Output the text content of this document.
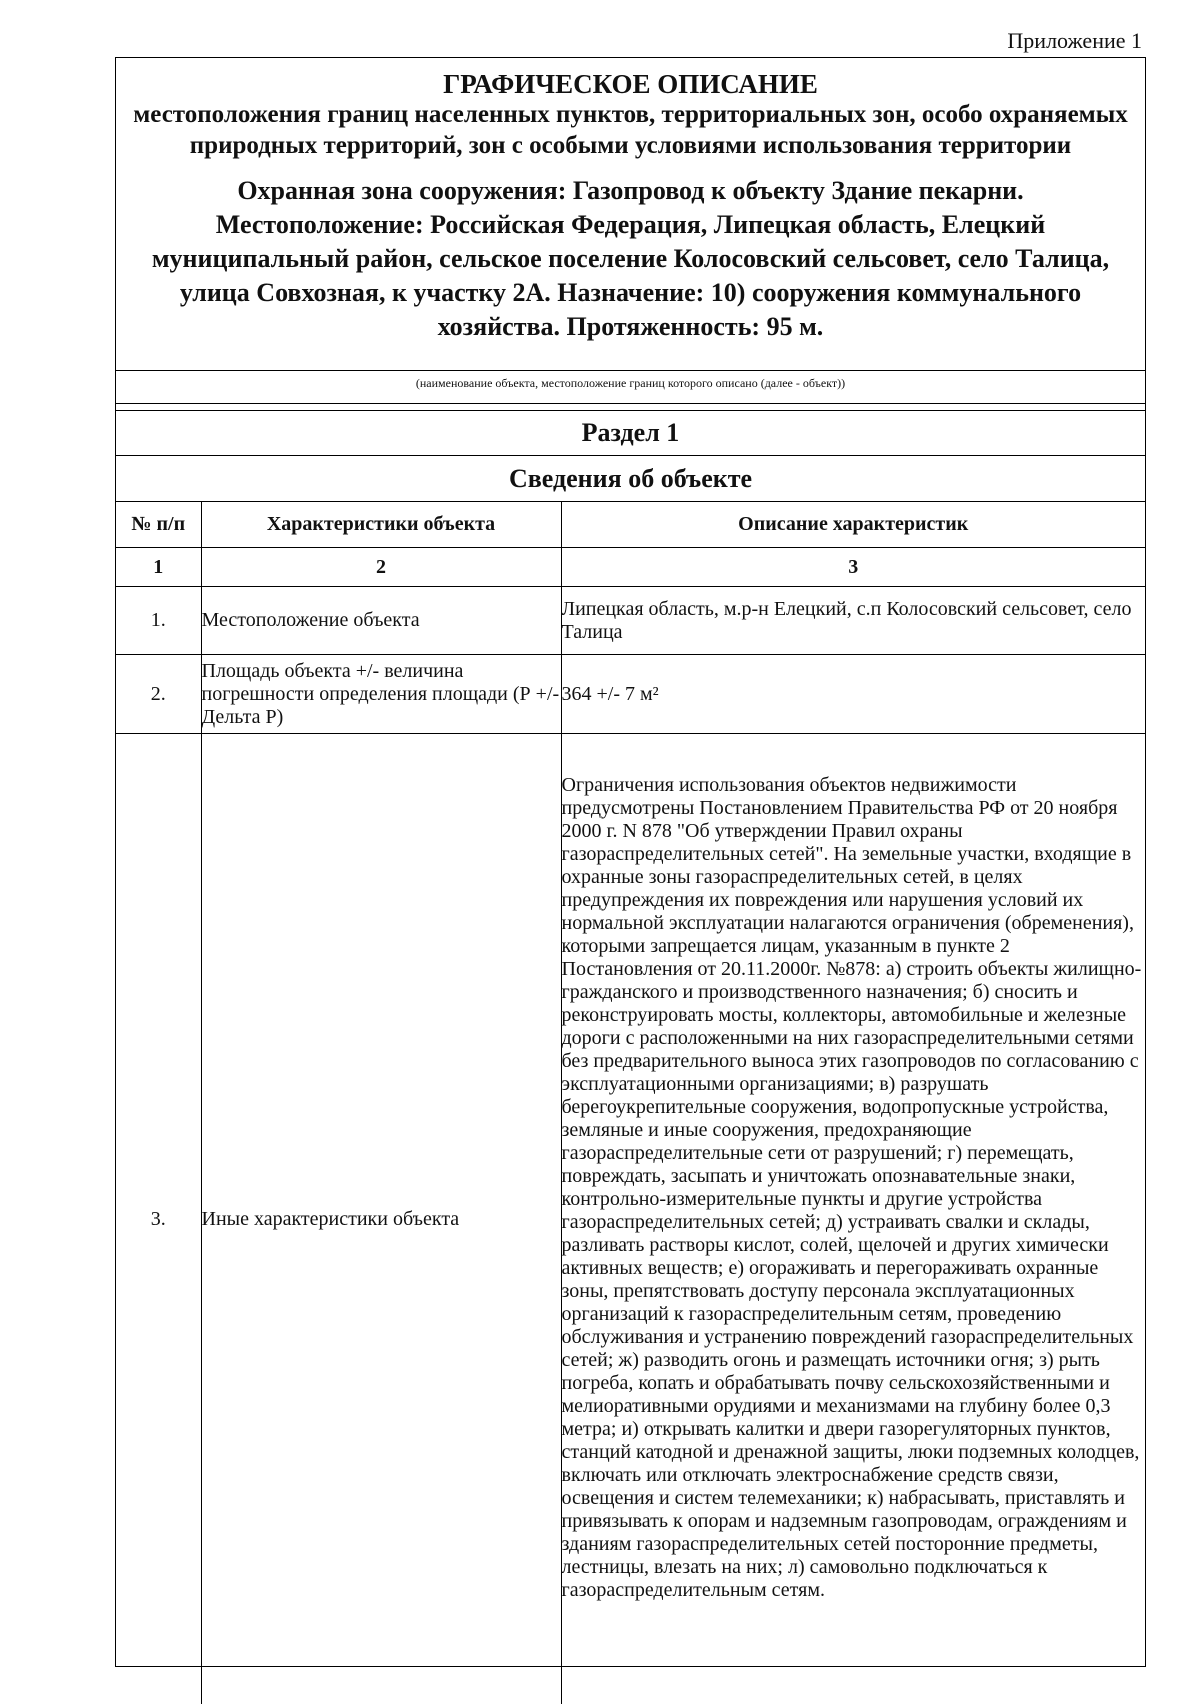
Приложение 1
ГРАФИЧЕСКОЕ ОПИСАНИЕ
местоположения границ населенных пунктов, территориальных зон, особо охраняемых природных территорий, зон с особыми условиями использования территории
Охранная зона сооружения: Газопровод к объекту Здание пекарни. Местоположение: Российская Федерация, Липецкая область, Елецкий муниципальный район, сельское поселение Колосовский сельсовет, село Талица, улица Совхозная, к участку 2А. Назначение: 10) сооружения коммунального хозяйства. Протяженность: 95 м.
(наименование объекта, местоположение границ которого описано (далее - объект))
Раздел 1
Сведения об объекте
№ п/п	Характеристики объекта	Описание характеристик
1	2	3
1.	Местоположение объекта	Липецкая область, м.р-н Елецкий, с.п Колосовский сельсовет, село Талица
2.	Площадь объекта +/- величина погрешности определения площади (Р +/- Дельта Р)	364 +/- 7 м²
3.	Иные характеристики объекта	Ограничения использования объектов недвижимости предусмотрены Постановлением Правительства РФ от 20 ноября 2000 г. N 878 "Об утверждении Правил охраны газораспределительных сетей". На земельные участки, входящие в охранные зоны газораспределительных сетей, в целях предупреждения их повреждения или нарушения условий их нормальной эксплуатации налагаются ограничения (обременения), которыми запрещается лицам, указанным в пункте 2 Постановления от 20.11.2000г. №878: а) строить объекты жилищно-гражданского и производственного назначения; б) сносить и реконструировать мосты, коллекторы, автомобильные и железные дороги с расположенными на них газораспределительными сетями без предварительного выноса этих газопроводов по согласованию с эксплуатационными организациями; в) разрушать берегоукрепительные сооружения, водопропускные устройства, земляные и иные сооружения, предохраняющие газораспределительные сети от разрушений; г) перемещать, повреждать, засыпать и уничтожать опознавательные знаки, контрольно-измерительные пункты и другие устройства газораспределительных сетей; д) устраивать свалки и склады, разливать растворы кислот, солей, щелочей и других химически активных веществ; е) огораживать и перегораживать охранные зоны, препятствовать доступу персонала эксплуатационных организаций к газораспределительным сетям, проведению обслуживания и устранению повреждений газораспределительных сетей; ж) разводить огонь и размещать источники огня; з) рыть погреба, копать и обрабатывать почву сельскохозяйственными и мелиоративными орудиями и механизмами на глубину более 0,3 метра; и) открывать калитки и двери газорегуляторных пунктов, станций катодной и дренажной защиты, люки подземных колодцев, включать или отключать электроснабжение средств связи, освещения и систем телемеханики; к) набрасывать, приставлять и привязывать к опорам и надземным газопроводам, ограждениям и зданиям газораспределительных сетей посторонние предметы, лестницы, влезать на них; л) самовольно подключаться к газораспределительным сетям.
